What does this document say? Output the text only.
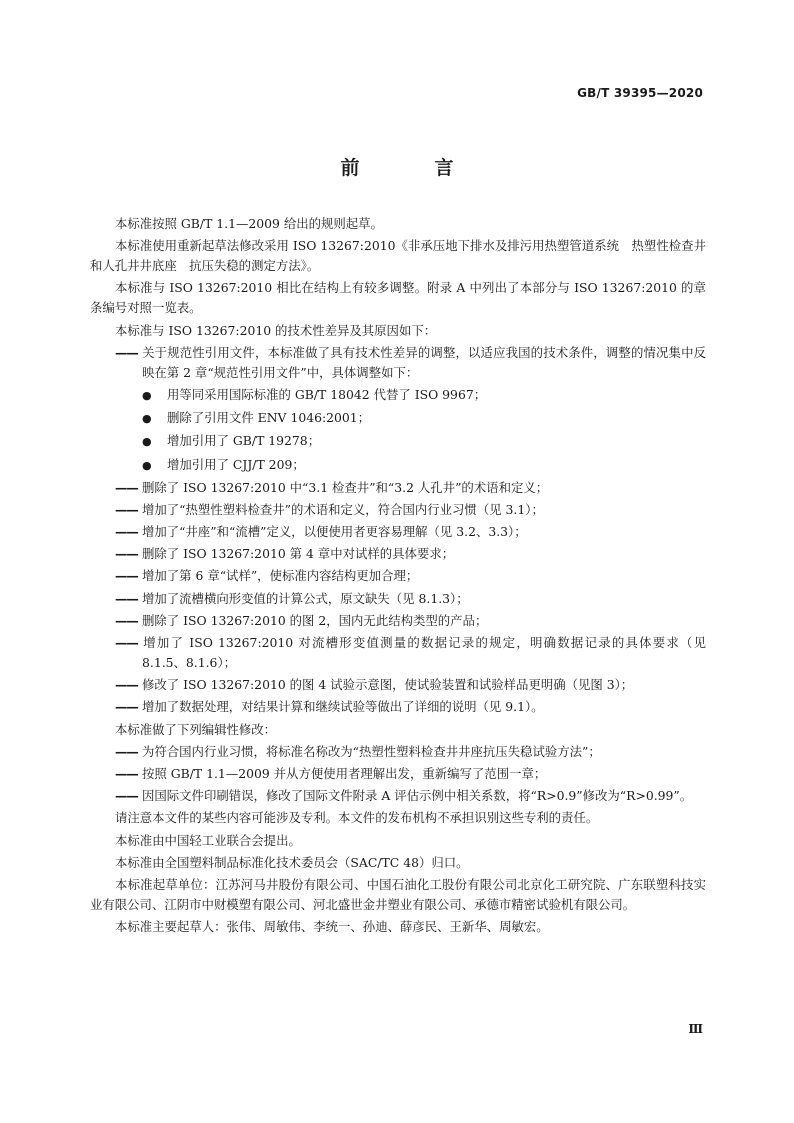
GB/T 39395—2020
前　言
本标准按照 GB/T 1.1—2009 给出的规则起草。
本标准使用重新起草法修改采用 ISO 13267:2010《非承压地下排水及排污用热塑管道系统　热塑性检查井和人孔井井底座　抗压失稳的测定方法》。
本标准与 ISO 13267:2010 相比在结构上有较多调整。附录 A 中列出了本部分与 ISO 13267:2010 的章条编号对照一览表。
本标准与 ISO 13267:2010 的技术性差异及其原因如下：
—— 关于规范性引用文件，本标准做了具有技术性差异的调整，以适应我国的技术条件，调整的情况集中反映在第 2 章“规范性引用文件”中，具体调整如下：
● 用等同采用国际标准的 GB/T 18042 代替了 ISO 9967；
● 删除了引用文件 ENV 1046:2001；
● 增加引用了 GB/T 19278；
● 增加引用了 CJJ/T 209；
—— 删除了 ISO 13267:2010 中“3.1 检查井”和“3.2 人孔井”的术语和定义；
—— 增加了“热塑性塑料检查井”的术语和定义，符合国内行业习惯（见 3.1）；
—— 增加了“井座”和“流槽”定义，以便使用者更容易理解（见 3.2、3.3）；
—— 删除了 ISO 13267:2010 第 4 章中对试样的具体要求；
—— 增加了第 6 章“试样”，使标准内容结构更加合理；
—— 增加了流槽横向形变值的计算公式，原文缺失（见 8.1.3）；
—— 删除了 ISO 13267:2010 的图 2，国内无此结构类型的产品；
—— 增加了 ISO 13267:2010 对流槽形变值测量的数据记录的规定，明确数据记录的具体要求（见 8.1.5、8.1.6）；
—— 修改了 ISO 13267:2010 的图 4 试验示意图，使试验装置和试验样品更明确（见图 3）；
—— 增加了数据处理，对结果计算和继续试验等做出了详细的说明（见 9.1）。
本标准做了下列编辑性修改：
—— 为符合国内行业习惯，将标准名称改为“热塑性塑料检查井井座抗压失稳试验方法”；
—— 按照 GB/T 1.1—2009 并从方便使用者理解出发，重新编写了范围一章；
—— 因国际文件印刷错误，修改了国际文件附录 A 评估示例中相关系数，将“R>0.9”修改为“R>0.99”。
请注意本文件的某些内容可能涉及专利。本文件的发布机构不承担识别这些专利的责任。
本标准由中国轻工业联合会提出。
本标准由全国塑料制品标准化技术委员会（SAC/TC 48）归口。
本标准起草单位：江苏河马井股份有限公司、中国石油化工股份有限公司北京化工研究院、广东联塑科技实业有限公司、江阴市中财模塑有限公司、河北盛世金井塑业有限公司、承德市精密试验机有限公司。
本标准主要起草人：张伟、周敏伟、李统一、孙迪、薛彦民、王新华、周敏宏。
Ⅲ
